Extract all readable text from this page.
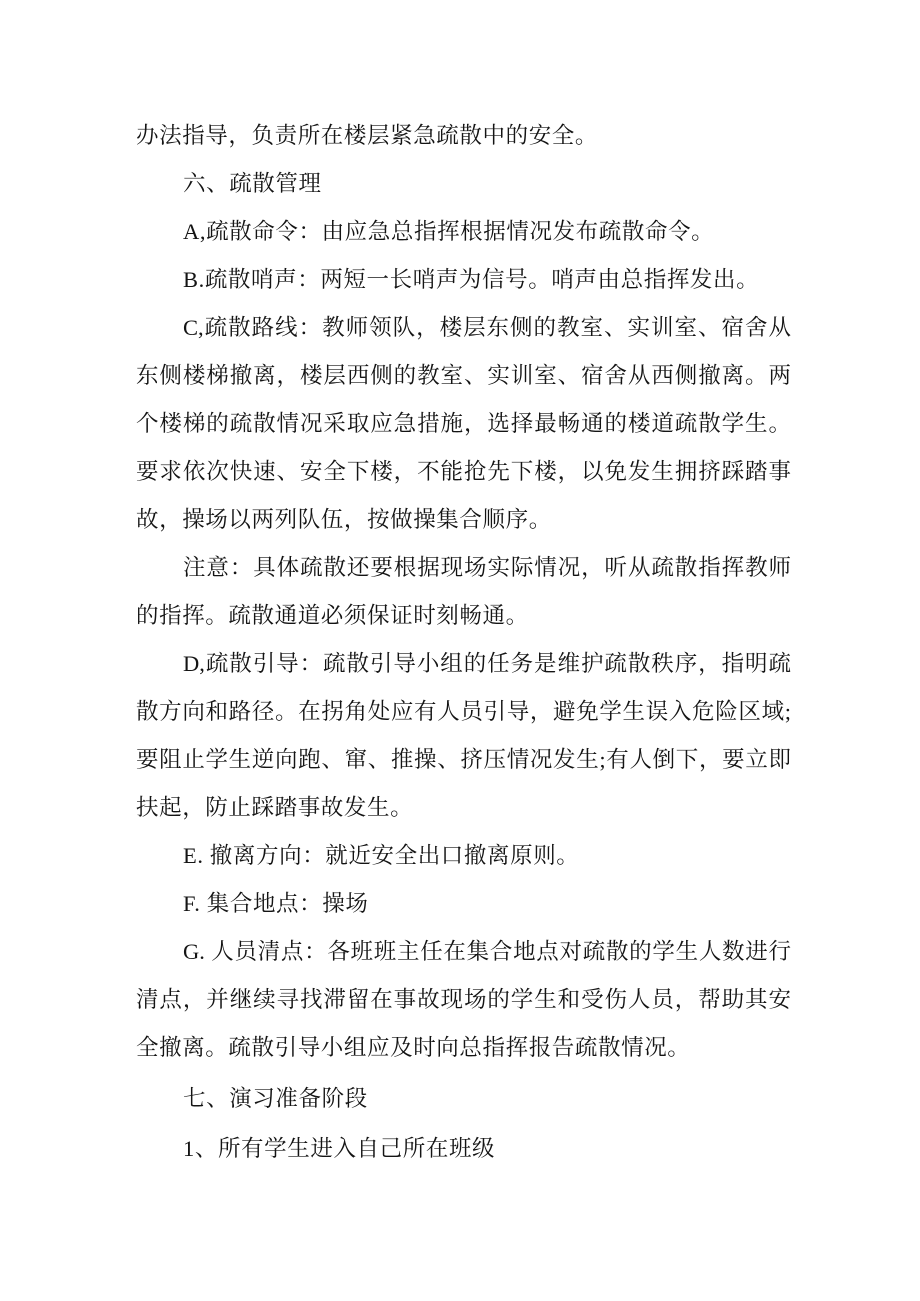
办法指导，负责所在楼层紧急疏散中的安全。
六、疏散管理
A,疏散命令：由应急总指挥根据情况发布疏散命令。
B.疏散哨声：两短一长哨声为信号。哨声由总指挥发出。
C,疏散路线：教师领队，楼层东侧的教室、实训室、宿舍从
东侧楼梯撤离，楼层西侧的教室、实训室、宿舍从西侧撤离。两
个楼梯的疏散情况采取应急措施，选择最畅通的楼道疏散学生。
要求依次快速、安全下楼，不能抢先下楼，以免发生拥挤踩踏事
故，操场以两列队伍，按做操集合顺序。
注意：具体疏散还要根据现场实际情况，听从疏散指挥教师
的指挥。疏散通道必须保证时刻畅通。
D,疏散引导：疏散引导小组的任务是维护疏散秩序，指明疏
散方向和路径。在拐角处应有人员引导，避免学生误入危险区域;
要阻止学生逆向跑、窜、推操、挤压情况发生;有人倒下，要立即
扶起，防止踩踏事故发生。
E. 撤离方向：就近安全出口撤离原则。
F. 集合地点：操场
G. 人员清点：各班班主任在集合地点对疏散的学生人数进行
清点，并继续寻找滞留在事故现场的学生和受伤人员，帮助其安
全撤离。疏散引导小组应及时向总指挥报告疏散情况。
七、演习准备阶段
1、所有学生进入自己所在班级
